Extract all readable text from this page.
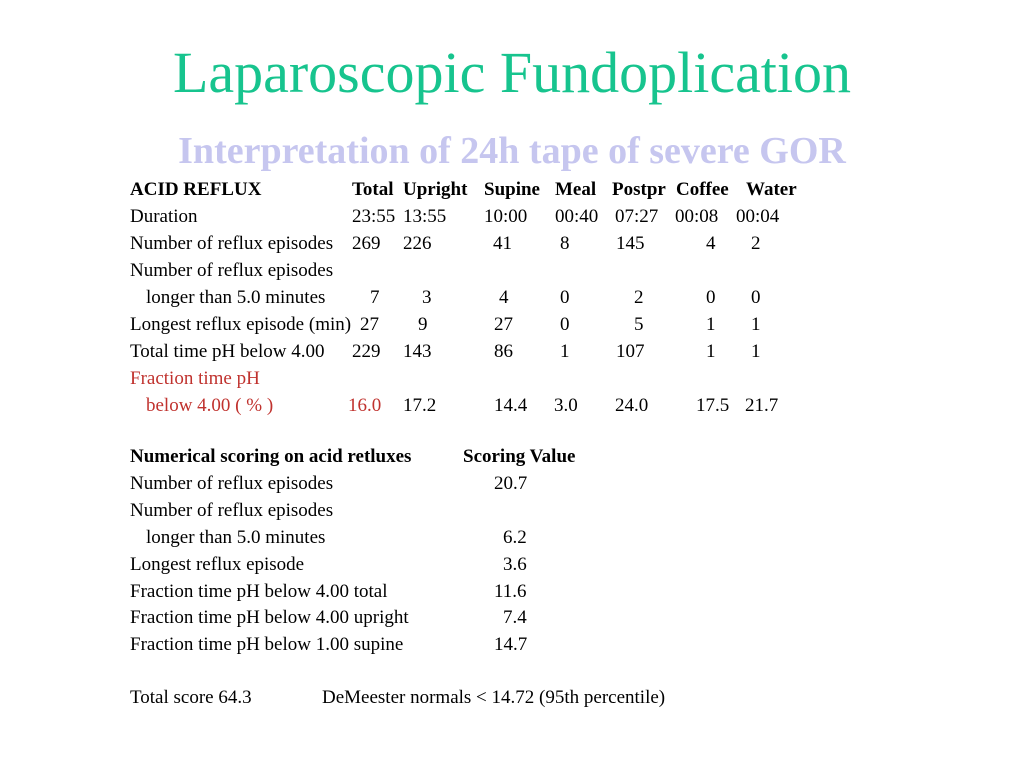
Laparoscopic Fundoplication
Interpretation of 24h tape of severe GOR
ACID REFLUX	Total Upright Supine Meal Postpr Coffee Water
Duration	23:55 13:55 10:00 00:40 07:27 00:08 00:04
Number of reflux episodes 269 226	41	8 145	4 2
Number of reflux episodes
longer than 5.0 minutes 7 3	4	0	2	0 0
Longest reflux episode (min) 27 9	27 0	5	1 1
Total time pH below 4.00 229 143	86 1 107	1 1
Fraction time pH
below 4.00 ( % )	16.0 17.2	14.4 3.0 24.0	17.5 21.7
Numerical scoring on acid retluxes	Scoring Value
Number of reflux episodes	20.7
Number of reflux episodes
longer than 5.0 minutes	6.2
Longest reflux episode	3.6
Fraction time pH below 4.00 total	11.6
Fraction time pH below 4.00 upright	7.4
Fraction time pH below 1.00 supine	14.7
Total score 64.3	DeMeester normals < 14.72 (95th percentile)
